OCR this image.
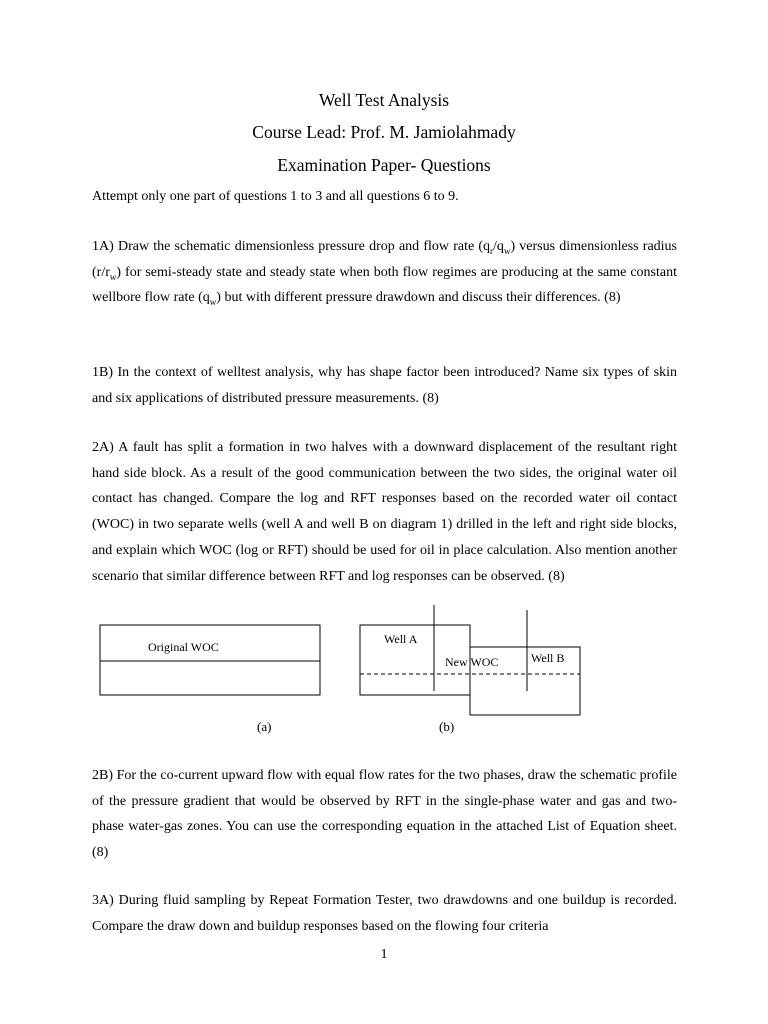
Well Test Analysis

Course Lead: Prof. M. Jamiolahmady

Examination Paper- Questions

Attempt only one part of questions 1 to 3 and all questions 6 to 9.

1A) Draw the schematic dimensionless pressure drop and flow rate $(q_r/q_w)$ versus dimensionless radius $(r/r_w)$ for semi-steady state and steady state when both flow regimes are producing at the same constant wellbore flow rate $(q_w)$ but with different pressure drawdown and discuss their differences. (8)

1B) In the context of welltest analysis, why has shape factor been introduced? Name six types of skin and six applications of distributed pressure measurements. (8)

2A) A fault has split a formation in two halves with a downward displacement of the resultant right hand side block. As a result of the good communication between the two sides, the original water oil contact has changed. Compare the log and RFT responses based on the recorded water oil contact (WOC) in two separate wells (well A and well B on diagram 1) drilled in the left and right side blocks, and explain which WOC (log or RFT) should be used for oil in place calculation. Also mention another scenario that similar difference between RFT and log responses can be observed. (8)

Original WOC
(a)
Well A
New WOC	Well B
(b)

2B) For the co-current upward flow with equal flow rates for the two phases, draw the schematic profile of the pressure gradient that would be observed by RFT in the single-phase water and gas and two-phase water-gas zones. You can use the corresponding equation in the attached List of Equation sheet. (8)

3A) During fluid sampling by Repeat Formation Tester, two drawdowns and one buildup is recorded. Compare the draw down and buildup responses based on the flowing four criteria

1
